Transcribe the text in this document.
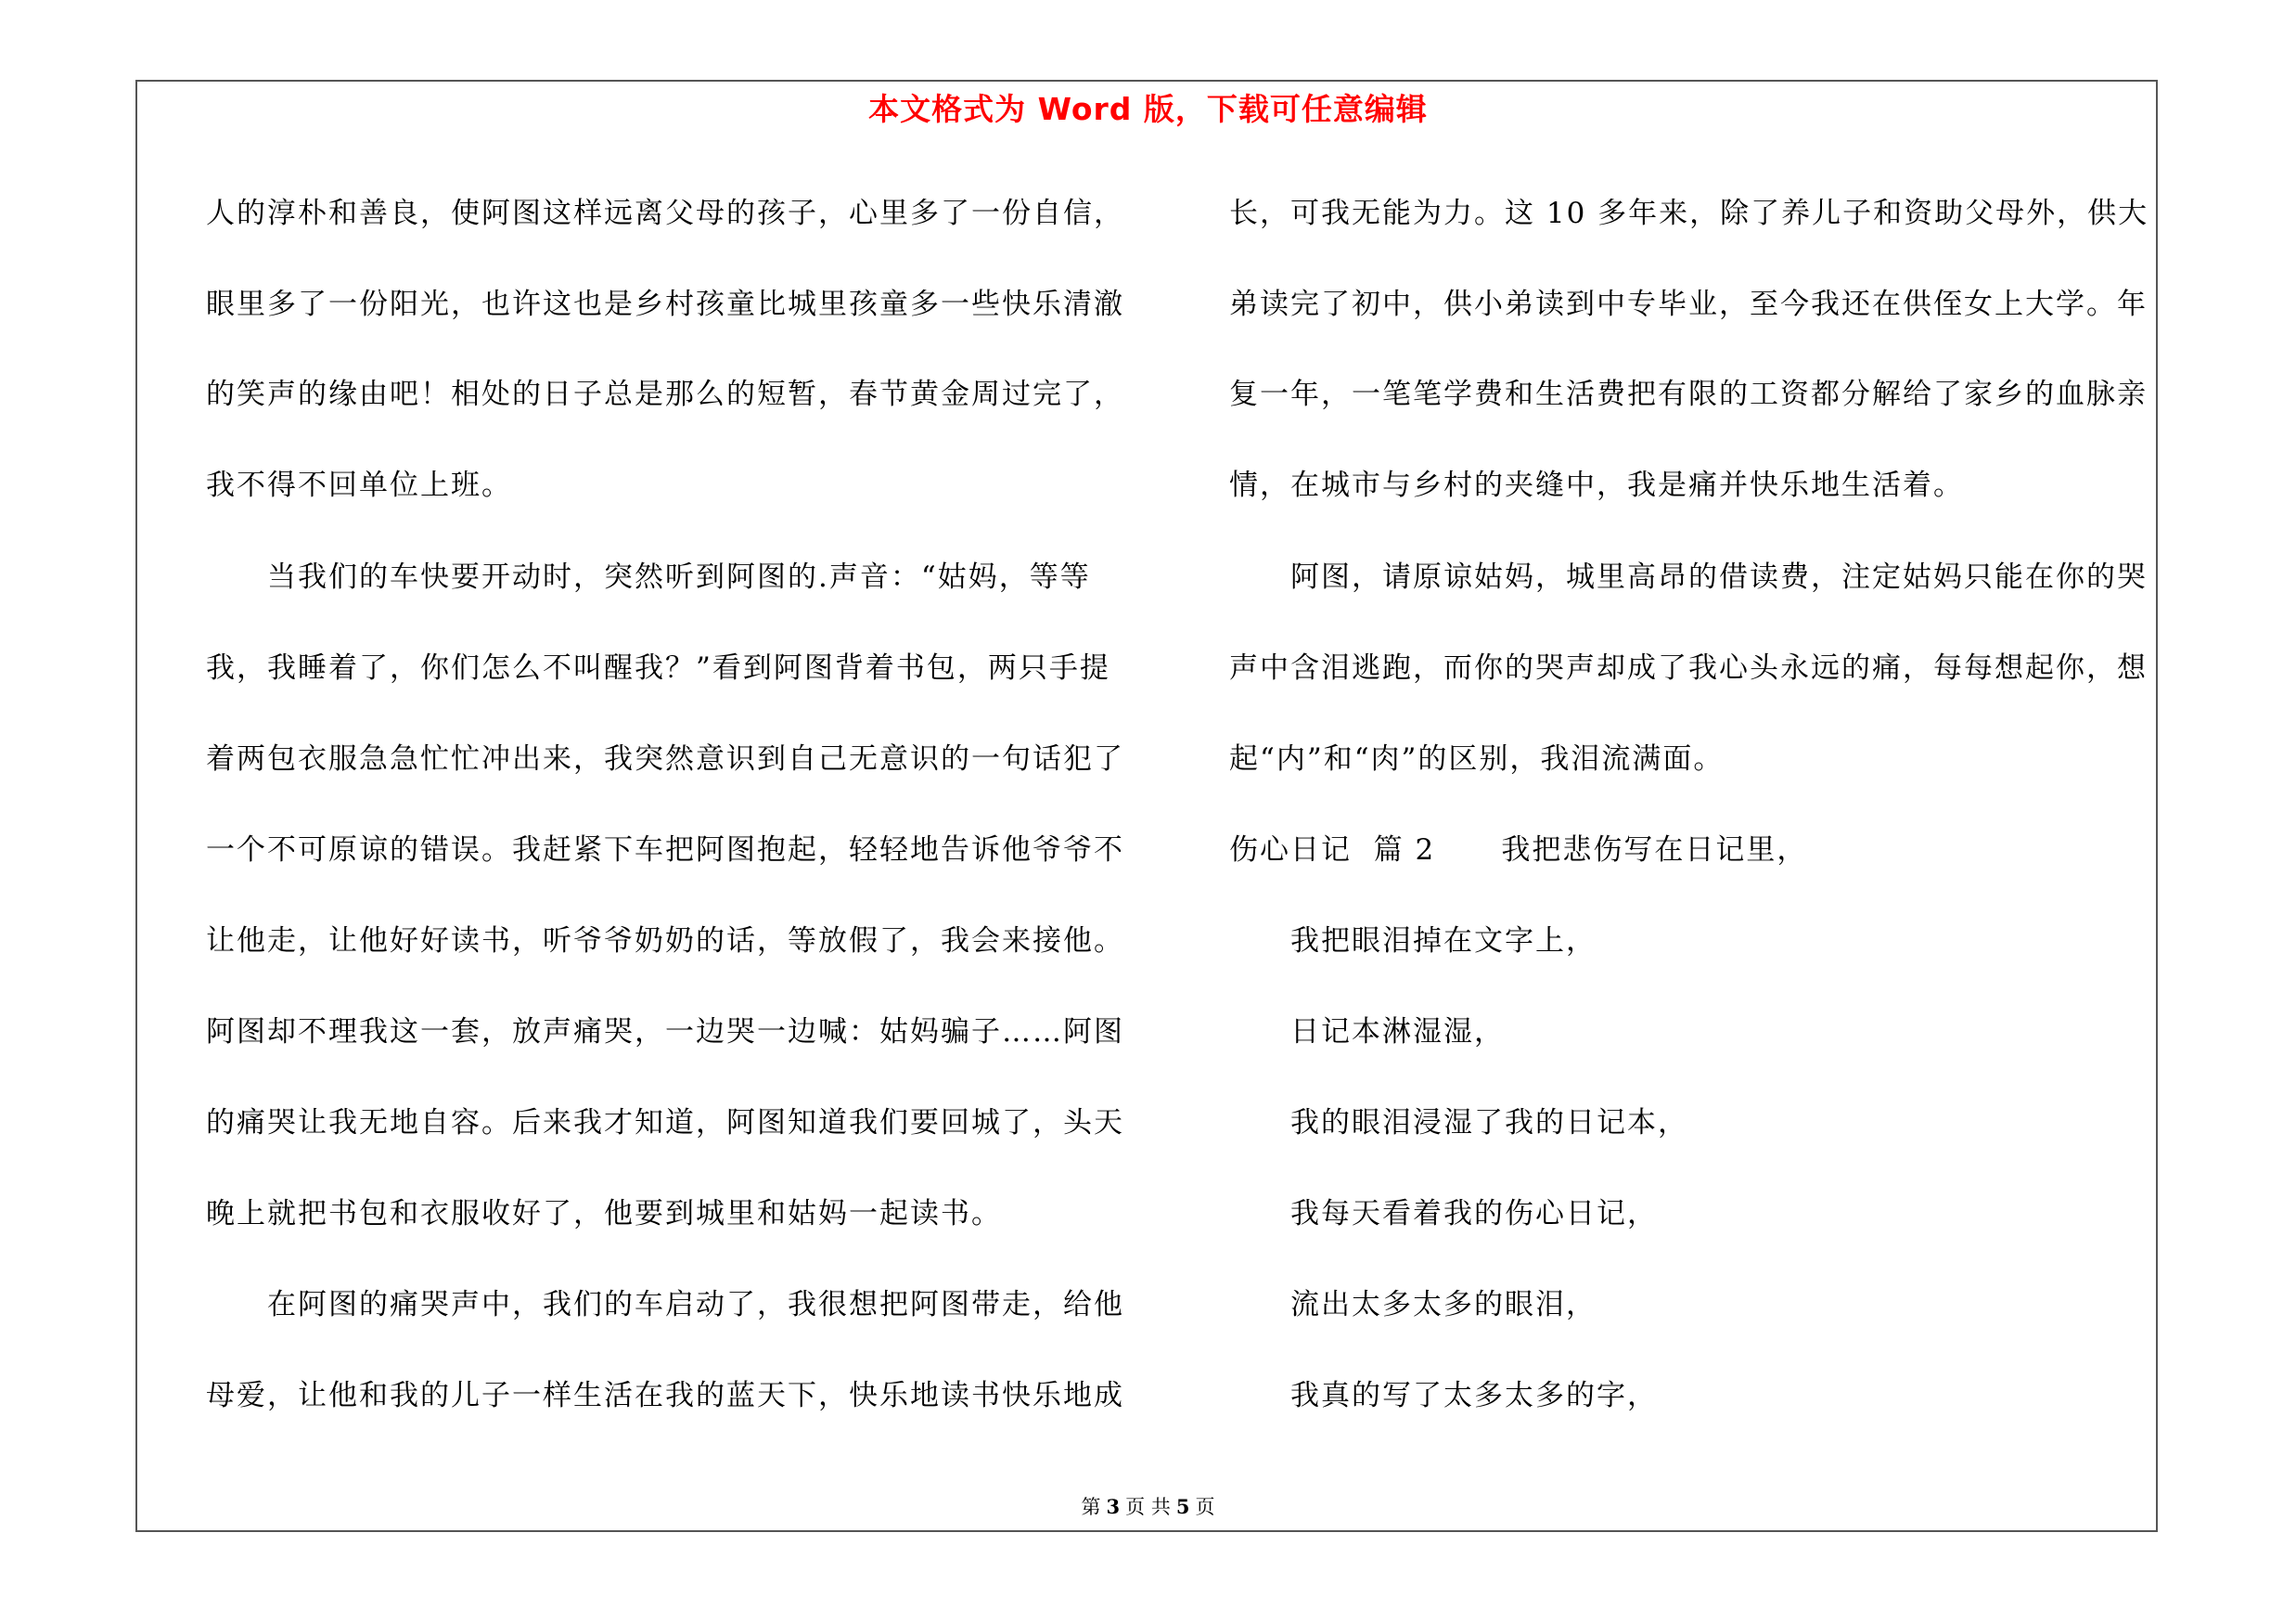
本文格式为 Word 版，下载可任意编辑
人的淳朴和善良，使阿图这样远离父母的孩子，心里多了一份自信，
眼里多了一份阳光，也许这也是乡村孩童比城里孩童多一些快乐清澈
的笑声的缘由吧！相处的日子总是那么的短暂，春节黄金周过完了，
我不得不回单位上班。
当我们的车快要开动时，突然听到阿图的.声音：“姑妈，等等
我，我睡着了，你们怎么不叫醒我？”看到阿图背着书包，两只手提
着两包衣服急急忙忙冲出来，我突然意识到自己无意识的一句话犯了
一个不可原谅的错误。我赶紧下车把阿图抱起，轻轻地告诉他爷爷不
让他走，让他好好读书，听爷爷奶奶的话，等放假了，我会来接他。
阿图却不理我这一套，放声痛哭，一边哭一边喊：姑妈骗子……阿图
的痛哭让我无地自容。后来我才知道，阿图知道我们要回城了，头天
晚上就把书包和衣服收好了，他要到城里和姑妈一起读书。
在阿图的痛哭声中，我们的车启动了，我很想把阿图带走，给他
母爱，让他和我的儿子一样生活在我的蓝天下，快乐地读书快乐地成
长，可我无能为力。这 10 多年来，除了养儿子和资助父母外，供大
弟读完了初中，供小弟读到中专毕业，至今我还在供侄女上大学。年
复一年，一笔笔学费和生活费把有限的工资都分解给了家乡的血脉亲
情，在城市与乡村的夹缝中，我是痛并快乐地生活着。
阿图，请原谅姑妈，城里高昂的借读费，注定姑妈只能在你的哭
声中含泪逃跑，而你的哭声却成了我心头永远的痛，每每想起你，想
起“内”和“肉”的区别，我泪流满面。
伤心日记  篇 2      我把悲伤写在日记里，
我把眼泪掉在文字上，
日记本淋湿湿，
我的眼泪浸湿了我的日记本，
我每天看着我的伤心日记，
流出太多太多的眼泪，
我真的写了太多太多的字，
第 3 页 共 5 页
